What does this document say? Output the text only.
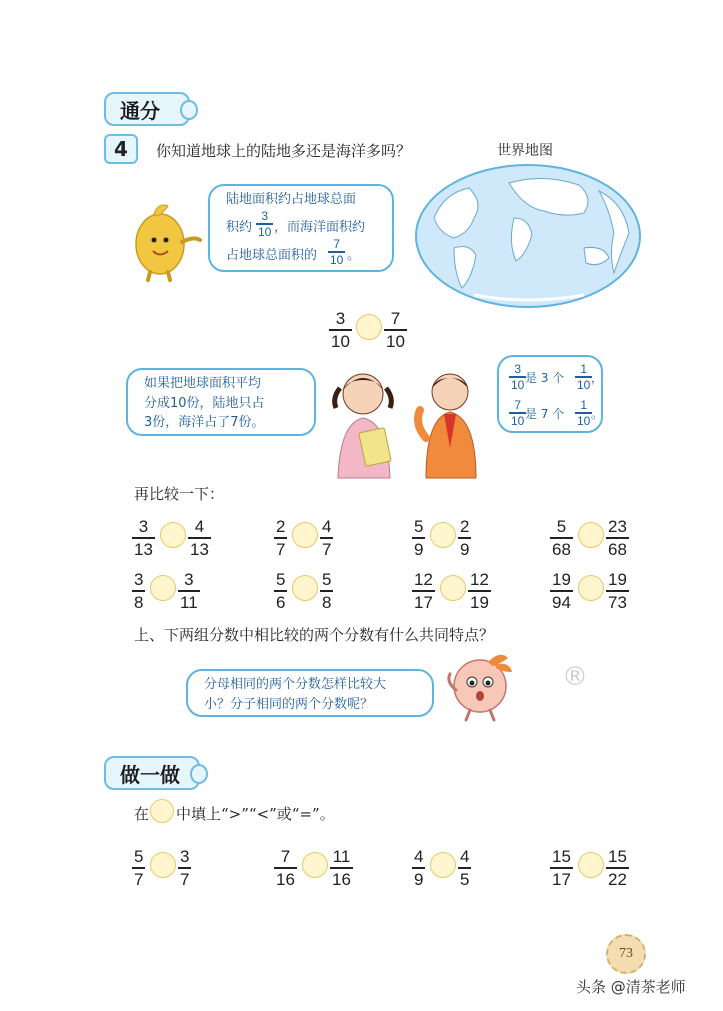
通分
4	你知道地球上的陆地多还是海洋多吗？	世界地图
陆地面积约占地球总面
积约
3
10 ，而海洋面积约
占地球总面积的
7
10 。
3
10
7
10
如果把地球面积平均
分成10份，陆地只占
3份，海洋占了7份。
3
10 是 3 个
1
10 ，
7
10 是 7 个
1
10 。
再比较一下：
3
13
4
13
2
7
4
7
5
9
2
9
5
68
23
68
3
8
3
11
5
6
5
8
12
17
12
19
19
94
19
73
5
7
3
7
7
16
11
16
4
9
4
5
15
17
15
22
上、下两组分数中相比较的两个分数有什么共同特点？
分母相同的两个分数怎样比较大
小？分子相同的两个分数呢？
®
做一做
在 中填上“>”“<”或“=”。
73
头条 @清茶老师
